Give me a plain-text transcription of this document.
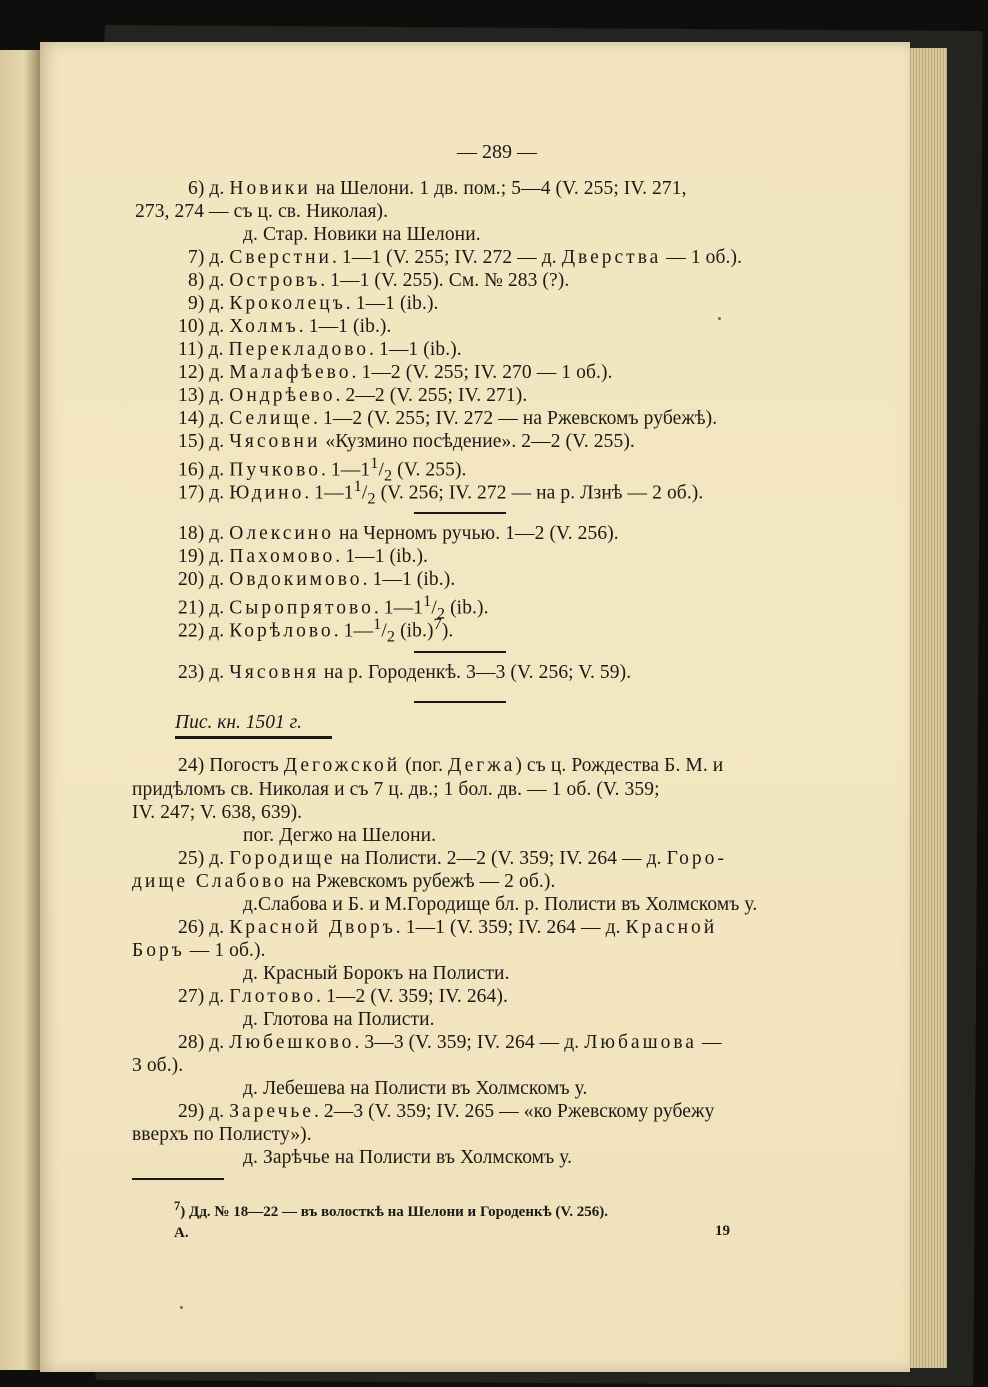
— 289 —
6) д. Новики на Шелони. 1 дв. пом.; 5—4 (V. 255; IV. 271,
273, 274 — съ ц. св. Николая).
д. Стар. Новики на Шелони.
7) д. Сверстни. 1—1 (V. 255; IV. 272 — д. Дверства — 1 об.).
8) д. Островъ. 1—1 (V. 255). См. № 283 (?).
9) д. Кроколецъ. 1—1 (ib.).
10) д. Холмъ. 1—1 (ib.).
11) д. Перекладово. 1—1 (ib.).
12) д. Малафѣево. 1—2 (V. 255; IV. 270 — 1 об.).
13) д. Ондрѣево. 2—2 (V. 255; IV. 271).
14) д. Селище. 1—2 (V. 255; IV. 272 — на Ржевскомъ рубежѣ).
15) д. Чясовни «Кузмино посѣдение». 2—2 (V. 255).
16) д. Пучково. $1—1^1/_2$ (V. 255).
17) д. Юдино. $1—1^1/_2$ (V. 256; IV. 272 — на р. Лзнѣ — 2 об.).
18) д. Олексино на Черномъ ручью. 1—2 (V. 256).
19) д. Пахомово. 1—1 (ib.).
20) д. Овдокимово. 1—1 (ib.).
21) д. Сыропрятово. $1—1^1/_2$ (ib.).
22) д. Корѣлово. $1—^1/_2$ $(ib.)^7$).
23) д. Чясовня на р. Городенкѣ. 3—3 (V. 256; V. 59).
Пис. кн. 1501 г.
24) Погостъ Дегожской (пог. Дегжа) съ ц. Рождества Б. М. и
придѣломъ св. Николая и съ 7 ц. дв.; 1 бол. дв. — 1 об. (V. 359;
IV. 247; V. 638, 639).
пог. Дегжо на Шелони.
25) д. Городище на Полисти. 2—2 (V. 359; IV. 264 — д. Горо-
дище Слабово на Ржевскомъ рубежѣ — 2 об.).
д.Слабова и Б. и М.Городище бл. р. Полисти въ Холмскомъ у.
26) д. Красной Дворъ. 1—1 (V. 359; IV. 264 — д. Красной
Боръ — 1 об.).
д. Красный Борокъ на Полисти.
27) д. Глотово. 1—2 (V. 359; IV. 264).
д. Глотова на Полисти.
28) д. Любешково. 3—3 (V. 359; IV. 264 — д. Любашова —
3 об.).
д. Лебешева на Полисти въ Холмскомъ у.
29) д. Заречье. 2—3 (V. 359; IV. 265 — «ко Ржевскому рубежу
вверхъ по Полисту»).
д. Зарѣчье на Полисти въ Холмскомъ у.
$^7$) Дд. № 18—22 — въ волосткѣ на Шелони и Городенкѣ (V. 256).
А.	19
